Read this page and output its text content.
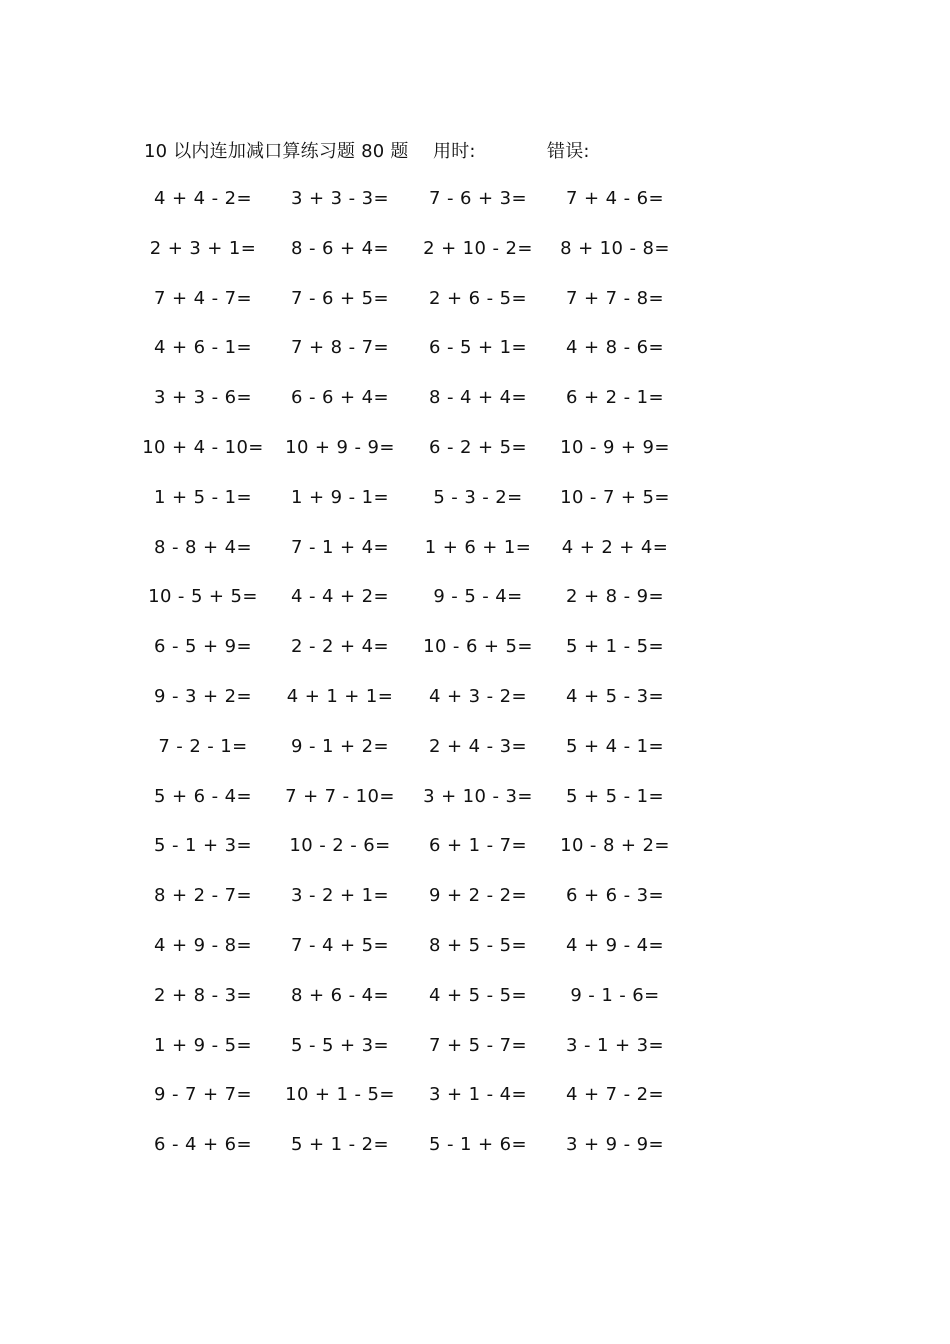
10 以内连加减口算练习题 80 题 用时:	错误:
4 + 4 - 2=	3 + 3 - 3=	7 - 6 + 3=	7 + 4 - 6=
2 + 3 + 1=	8 - 6 + 4=	2 + 10 - 2=	8 + 10 - 8=
7 + 4 - 7=	7 - 6 + 5=	2 + 6 - 5=	7 + 7 - 8=
4 + 6 - 1=	7 + 8 - 7=	6 - 5 + 1=	4 + 8 - 6=
3 + 3 - 6=	6 - 6 + 4=	8 - 4 + 4=	6 + 2 - 1=
10 + 4 - 10=	10 + 9 - 9=	6 - 2 + 5=	10 - 9 + 9=
1 + 5 - 1=	1 + 9 - 1=	5 - 3 - 2=	10 - 7 + 5=
8 - 8 + 4=	7 - 1 + 4=	1 + 6 + 1=	4 + 2 + 4=
10 - 5 + 5=	4 - 4 + 2=	9 - 5 - 4=	2 + 8 - 9=
6 - 5 + 9=	2 - 2 + 4=	10 - 6 + 5=	5 + 1 - 5=
9 - 3 + 2=	4 + 1 + 1=	4 + 3 - 2=	4 + 5 - 3=
7 - 2 - 1=	9 - 1 + 2=	2 + 4 - 3=	5 + 4 - 1=
5 + 6 - 4=	7 + 7 - 10=	3 + 10 - 3=	5 + 5 - 1=
5 - 1 + 3=	10 - 2 - 6=	6 + 1 - 7=	10 - 8 + 2=
8 + 2 - 7=	3 - 2 + 1=	9 + 2 - 2=	6 + 6 - 3=
4 + 9 - 8=	7 - 4 + 5=	8 + 5 - 5=	4 + 9 - 4=
2 + 8 - 3=	8 + 6 - 4=	4 + 5 - 5=	9 - 1 - 6=
1 + 9 - 5=	5 - 5 + 3=	7 + 5 - 7=	3 - 1 + 3=
9 - 7 + 7=	10 + 1 - 5=	3 + 1 - 4=	4 + 7 - 2=
6 - 4 + 6=	5 + 1 - 2=	5 - 1 + 6=	3 + 9 - 9=
